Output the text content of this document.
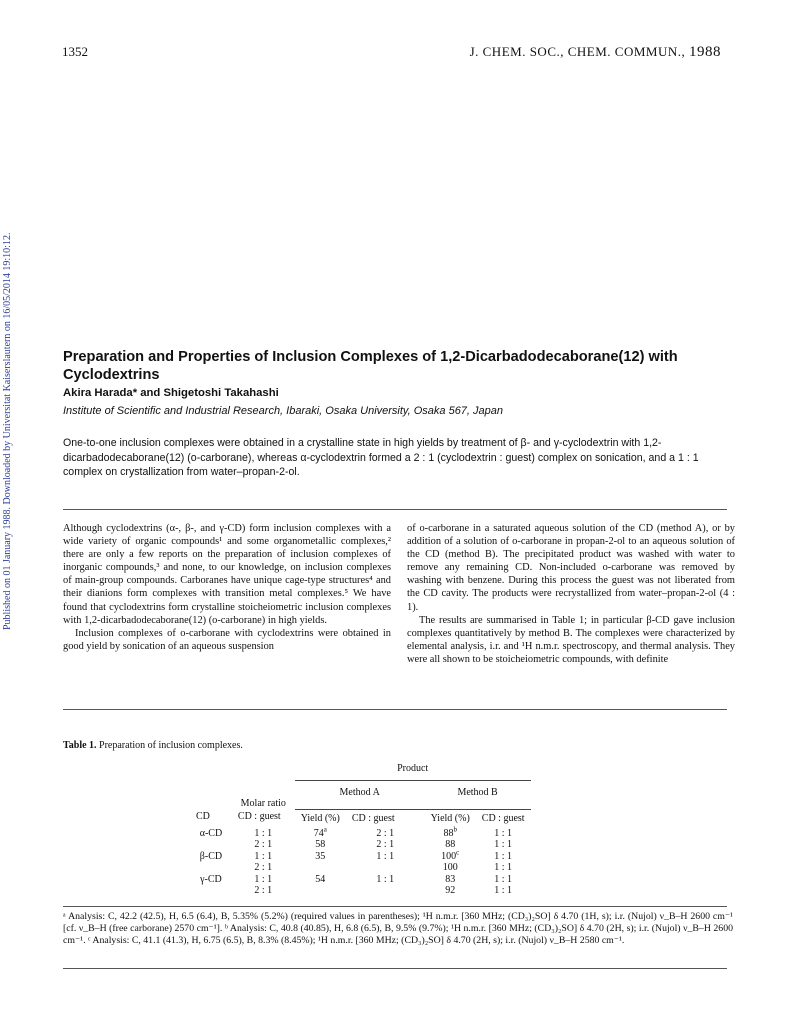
1352	J. CHEM. SOC., CHEM. COMMUN., 1988
Published on 01 January 1988. Downloaded by Universitat Kaiserslautern on 16/05/2014 19:10:12.	Preparation and Properties of Inclusion Complexes of 1,2-Dicarbadodecaborane(12) with Cyclodextrins
Akira Harada* and Shigetoshi Takahashi
Institute of Scientific and Industrial Research, Ibaraki, Osaka University, Osaka 567, Japan
One-to-one inclusion complexes were obtained in a crystalline state in high yields by treatment of β- and γ-cyclodextrin with 1,2-dicarbadodecaborane(12) (o-carborane), whereas α-cyclodextrin formed a 2 : 1 (cyclodextrin : guest) complex on sonication, and a 1 : 1 complex on crystallization from water–propan-2-ol.

Although cyclodextrins (α-, β-, and γ-CD) form inclusion complexes with a wide variety of organic compounds¹ and some organometallic complexes,² there are only a few reports on the preparation of inclusion complexes of inorganic compounds,³ and none, to our knowledge, on inclusion complexes of main-group compounds. Carboranes have unique cage-type structures⁴ and their dianions form complexes with transition metal complexes.⁵ We have found that cyclodextrins form crystalline stoicheiometric inclusion complexes with 1,2-dicarbadodecaborane(12) (o-carborane) in high yields.

Inclusion complexes of o-carborane with cyclodextrins were obtained in good yield by sonication of an aqueous suspension

of o-carborane in a saturated aqueous solution of the CD (method A), or by addition of a solution of o-carborane in propan-2-ol to an aqueous solution of the CD (method B). The precipitated product was washed with water to remove any remaining CD. Non-included o-carborane was removed by washing with benzene. During this process the guest was not liberated from the CD cavity. The products were recrystallized from water–propan-2-ol (4 : 1).

The results are summarised in Table 1; in particular β-CD gave inclusion complexes quantitatively by method B. The complexes were characterized by elemental analysis, i.r. and ¹H n.m.r. spectroscopy, and thermal analysis. They were all shown to be stoicheiometric compounds, with definite

Table 1. Preparation of inclusion complexes.
		Product			
		Method A		Method B	
	Molar ratio				
CD	CD : guest	Yield (%)	CD : guest	Yield (%)	CD : guest
α-CD	1 : 1	74$^a$	2 : 1	88$^b$	1 : 1
	2 : 1	58	2 : 1	88	1 : 1
β-CD	1 : 1	35	1 : 1	100$^c$	1 : 1
	2 : 1			100	1 : 1
γ-CD	1 : 1	54	1 : 1	83	1 : 1
	2 : 1			92	1 : 1
ᵃ Analysis: C, 42.2 (42.5), H, 6.5 (6.4), B, 5.35% (5.2%) (required values in parentheses); ¹H n.m.r. [360 MHz; (CD₃)₂SO] δ 4.70 (1H, s); i.r. (Nujol) ν_B–H 2600 cm⁻¹ [cf. ν_B–H (free carborane) 2570 cm⁻¹]. ᵇ Analysis: C, 40.8 (40.85), H, 6.8 (6.5), B, 9.5% (9.7%); ¹H n.m.r. [360 MHz; (CD₃)₂SO] δ 4.70 (2H, s); i.r. (Nujol) ν_B–H 2600 cm⁻¹. ᶜ Analysis: C, 41.1 (41.3), H, 6.75 (6.5), B, 8.3% (8.45%); ¹H n.m.r. [360 MHz; (CD₃)₂SO] δ 4.70 (2H, s); i.r. (Nujol) ν_B–H 2580 cm⁻¹.
